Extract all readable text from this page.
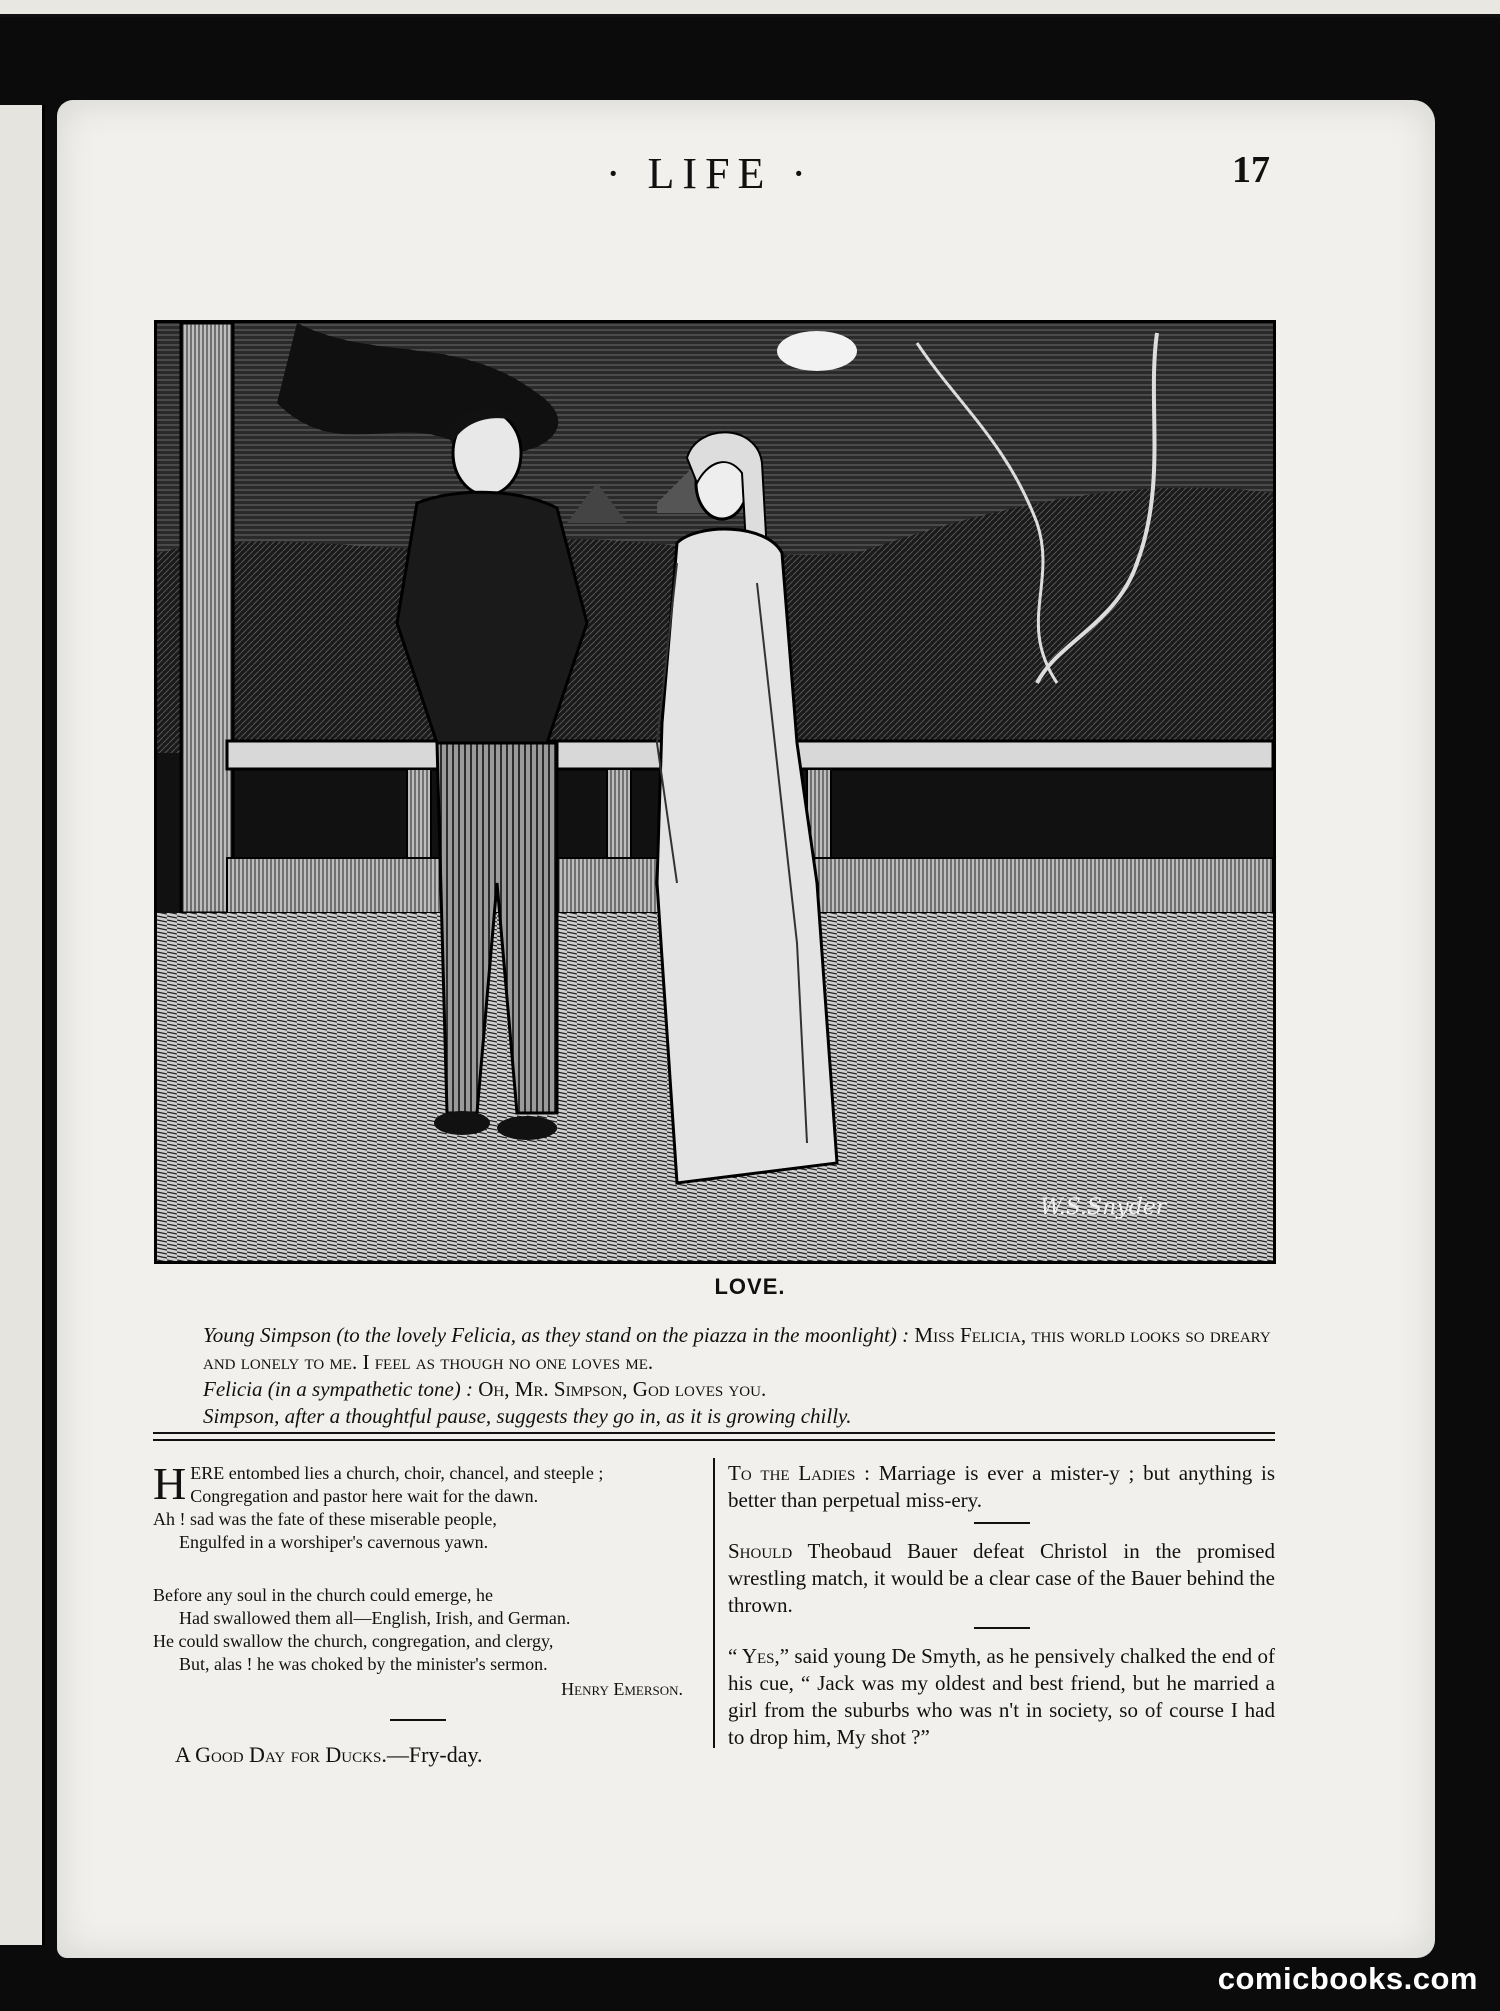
· LIFE ·	17
W.S.Snyder
LOVE.

Young Simpson (to the lovely Felicia, as they stand on the piazza in the moonlight) : Miss Felicia, this world looks so dreary and lonely to me. I feel as though no one loves me.

Felicia (in a sympathetic tone) : Oh, Mr. Simpson, God loves you.

Simpson, after a thoughtful pause, suggests they go in, as it is growing chilly.

H ERE entombed lies a church, choir, chancel, and steeple ;

Congregation and pastor here wait for the dawn.

Ah ! sad was the fate of these miserable people,

Engulfed in a worshiper's cavernous yawn.

Before any soul in the church could emerge, he

Had swallowed them all—English, Irish, and German.

He could swallow the church, congregation, and clergy,

But, alas ! he was choked by the minister's sermon.

Henry Emerson.

A Good Day for Ducks.—Fry-day.

To the Ladies : Marriage is ever a mister-y ; but anything is better than perpetual miss-ery.

Should Theobaud Bauer defeat Christol in the promised wrestling match, it would be a clear case of the Bauer behind the thrown.

“ Yes,” said young De Smyth, as he pensively chalked the end of his cue, “ Jack was my oldest and best friend, but he married a girl from the suburbs who was n't in society, so of course I had to drop him, My shot ?”

comicbooks.com
